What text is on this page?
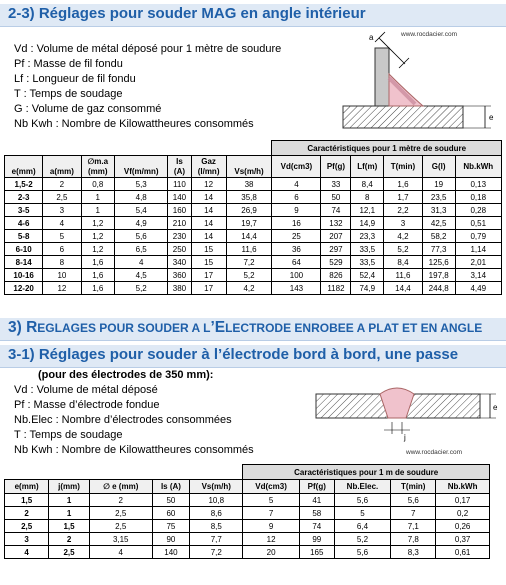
2-3) Réglages pour souder MAG en angle intérieur
Vd : Volume de métal déposé pour 1 mètre de soudure
Pf : Masse de fil fondu
Lf : Longueur de fil fondu
T : Temps de soudage
G : Volume de gaz consommé
Nb Kwh : Nombre de Kilowattheures consommés
a
e
www.rocdacier.com
							Caractéristiques pour 1 mètre de soudure					
		∅m.a		Is	Gaz		Vd(cm3)	Pf(g)	Lf(m)	T(min)	G(l)	Nb.kWh
e(mm)	a(mm)	(mm)	Vf(m/mn)	(A)	(l/mn)	Vs(m/h)						
1,5-2	2	0,8	5,3	110	12	38	4	33	8,4	1,6	19	0,13
2-3	2,5	1	4,8	140	14	35,8	6	50	8	1,7	23,5	0,18
3-5	3	1	5,4	160	14	26,9	9	74	12,1	2,2	31,3	0,28
4-6	4	1,2	4,9	210	14	19,7	16	132	14,9	3	42,5	0,51
5-8	5	1,2	5,6	230	14	14,4	25	207	23,3	4,2	58,2	0,79
6-10	6	1,2	6,5	250	15	11,6	36	297	33,5	5,2	77,3	1,14
8-14	8	1,6	4	340	15	7,2	64	529	33,5	8,4	125,6	2,01
10-16	10	1,6	4,5	360	17	5,2	100	826	52,4	11,6	197,8	3,14
12-20	12	1,6	5,2	380	17	4,2	143	1182	74,9	14,4	244,8	4,49
3) REGLAGES POUR SOUDER A L’ELECTRODE ENROBEE A PLAT ET EN ANGLE
3-1) Réglages pour souder à l’électrode bord à bord, une passe
(pour des électrodes de 350 mm):
Vd : Volume de métal déposé
Pf : Masse d’électrode fondue
Nb.Elec : Nombre d’électrodes consommées
T : Temps de soudage
Nb Kwh : Nombre de Kilowattheures consommés
e
j
www.rocdacier.com
					Caractéristiques pour 1 m de soudure				
e(mm)	j(mm)	∅ e (mm)	Is (A)	Vs(m/h)	Vd(cm3)	Pf(g)	Nb.Elec.	T(min)	Nb.kWh
1,5	1	2	50	10,8	5	41	5,6	5,6	0,17
2	1	2,5	60	8,6	7	58	5	7	0,2
2,5	1,5	2,5	75	8,5	9	74	6,4	7,1	0,26
3	2	3,15	90	7,7	12	99	5,2	7,8	0,37
4	2,5	4	140	7,2	20	165	5,6	8,3	0,61
